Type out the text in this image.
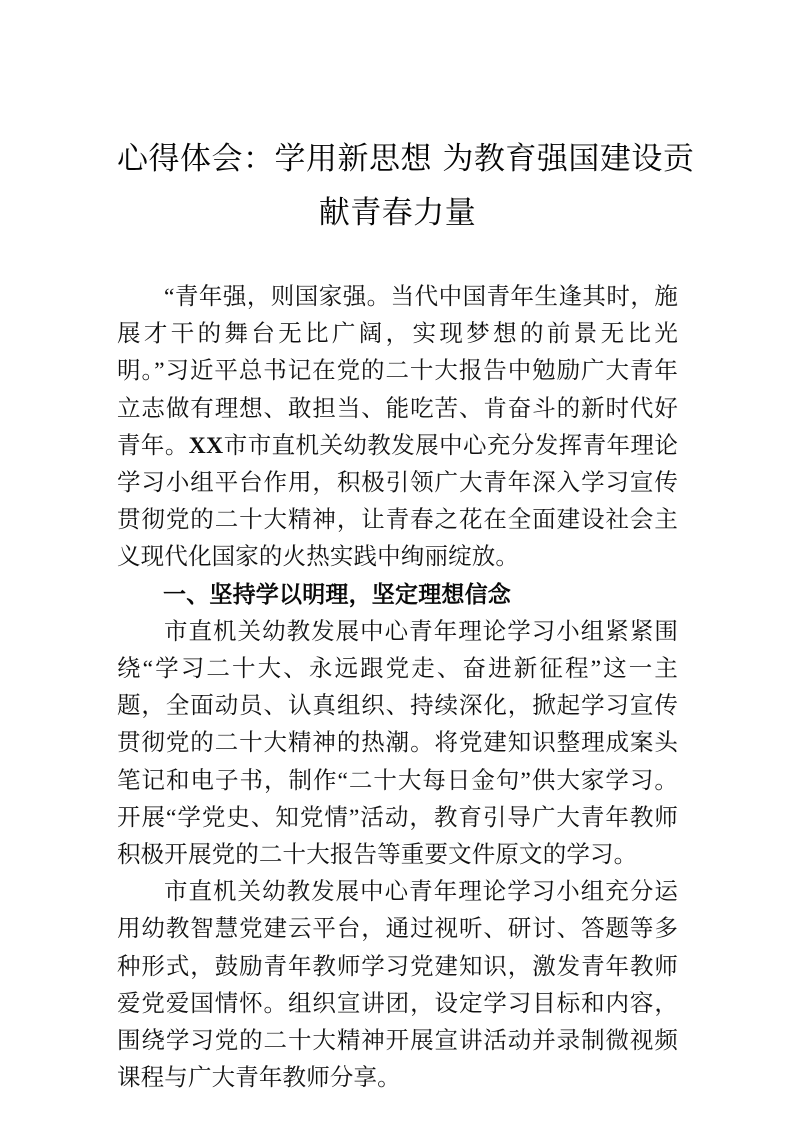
心得体会：学用新思想 为教育强国建设贡
献青春力量

“青年强，则国家强。当代中国青年生逢其时，施展才干的舞台无比广阔，实现梦想的前景无比光明。”习近平总书记在党的二十大报告中勉励广大青年立志做有理想、敢担当、能吃苦、肯奋斗的新时代好青年。XX市市直机关幼教发展中心充分发挥青年理论学习小组平台作用，积极引领广大青年深入学习宣传贯彻党的二十大精神，让青春之花在全面建设社会主义现代化国家的火热实践中绚丽绽放。

一、坚持学以明理，坚定理想信念

市直机关幼教发展中心青年理论学习小组紧紧围绕“学习二十大、永远跟党走、奋进新征程”这一主题，全面动员、认真组织、持续深化，掀起学习宣传贯彻党的二十大精神的热潮。将党建知识整理成案头笔记和电子书，制作“二十大每日金句”供大家学习。开展“学党史、知党情”活动，教育引导广大青年教师积极开展党的二十大报告等重要文件原文的学习。

市直机关幼教发展中心青年理论学习小组充分运用幼教智慧党建云平台，通过视听、研讨、答题等多种形式，鼓励青年教师学习党建知识，激发青年教师爱党爱国情怀。组织宣讲团，设定学习目标和内容，围绕学习党的二十大精神开展宣讲活动并录制微视频课程与广大青年教师分享。
